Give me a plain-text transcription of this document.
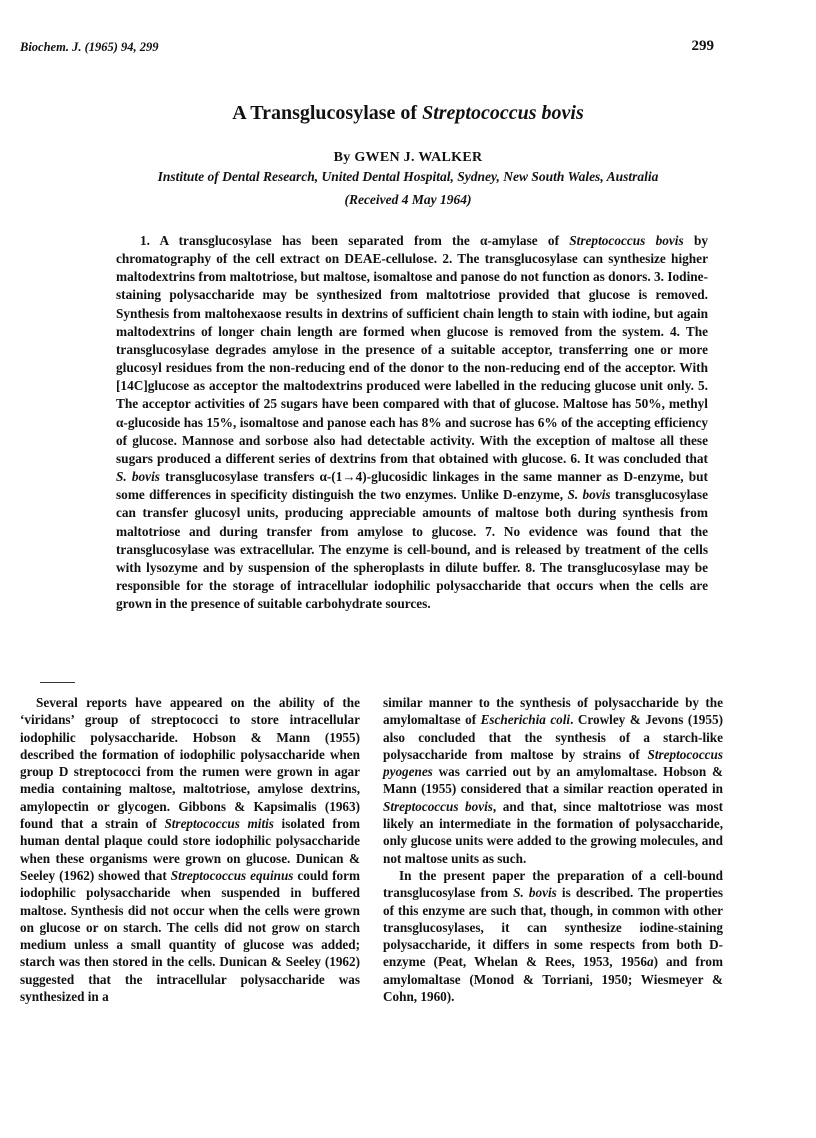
Biochem. J. (1965) 94, 299	299
A Transglucosylase of Streptococcus bovis
By GWEN J. WALKER
Institute of Dental Research, United Dental Hospital, Sydney, New South Wales, Australia
(Received 4 May 1964)

1. A transglucosylase has been separated from the α-amylase of Streptococcus bovis by chromatography of the cell extract on DEAE-cellulose. 2. The transglucosylase can synthesize higher maltodextrins from maltotriose, but maltose, isomaltose and panose do not function as donors. 3. Iodine-staining polysaccharide may be synthesized from maltotriose provided that glucose is removed. Synthesis from maltohexaose results in dextrins of sufficient chain length to stain with iodine, but again maltodextrins of longer chain length are formed when glucose is removed from the system. 4. The transglucosylase degrades amylose in the presence of a suitable acceptor, transferring one or more glucosyl residues from the non-reducing end of the donor to the non-reducing end of the acceptor. With [14C]glucose as acceptor the maltodextrins produced were labelled in the reducing glucose unit only. 5. The acceptor activities of 25 sugars have been compared with that of glucose. Maltose has 50%, methyl α-glucoside has 15%, isomaltose and panose each has 8% and sucrose has 6% of the accepting efficiency of glucose. Mannose and sorbose also had detectable activity. With the exception of maltose all these sugars produced a different series of dextrins from that obtained with glucose. 6. It was concluded that S. bovis transglucosylase transfers α-(1→4)-glucosidic linkages in the same manner as D-enzyme, but some differences in specificity distinguish the two enzymes. Unlike D-enzyme, S. bovis transglucosylase can transfer glucosyl units, producing appreciable amounts of maltose both during synthesis from maltotriose and during transfer from amylose to glucose. 7. No evidence was found that the transglucosylase was extracellular. The enzyme is cell-bound, and is released by treatment of the cells with lysozyme and by suspension of the spheroplasts in dilute buffer. 8. The transglucosylase may be responsible for the storage of intracellular iodophilic polysaccharide that occurs when the cells are grown in the presence of suitable carbohydrate sources.

Several reports have appeared on the ability of the ‘viridans’ group of streptococci to store intracellular iodophilic polysaccharide. Hobson & Mann (1955) described the formation of iodophilic polysaccharide when group D streptococci from the rumen were grown in agar media containing maltose, maltotriose, amylose dextrins, amylopectin or glycogen. Gibbons & Kapsimalis (1963) found that a strain of Streptococcus mitis isolated from human dental plaque could store iodophilic polysaccharide when these organisms were grown on glucose. Dunican & Seeley (1962) showed that Streptococcus equinus could form iodophilic polysaccharide when suspended in buffered maltose. Synthesis did not occur when the cells were grown on glucose or on starch. The cells did not grow on starch medium unless a small quantity of glucose was added; starch was then stored in the cells. Dunican & Seeley (1962) suggested that the intracellular polysaccharide was synthesized in a

similar manner to the synthesis of polysaccharide by the amylomaltase of Escherichia coli. Crowley & Jevons (1955) also concluded that the synthesis of a starch-like polysaccharide from maltose by strains of Streptococcus pyogenes was carried out by an amylomaltase. Hobson & Mann (1955) considered that a similar reaction operated in Streptococcus bovis, and that, since maltotriose was most likely an intermediate in the formation of polysaccharide, only glucose units were added to the growing molecules, and not maltose units as such.

In the present paper the preparation of a cell-bound transglucosylase from S. bovis is described. The properties of this enzyme are such that, though, in common with other transglucosylases, it can synthesize iodine-staining polysaccharide, it differs in some respects from both D-enzyme (Peat, Whelan & Rees, 1953, 1956a) and from amylomaltase (Monod & Torriani, 1950; Wiesmeyer & Cohn, 1960).
